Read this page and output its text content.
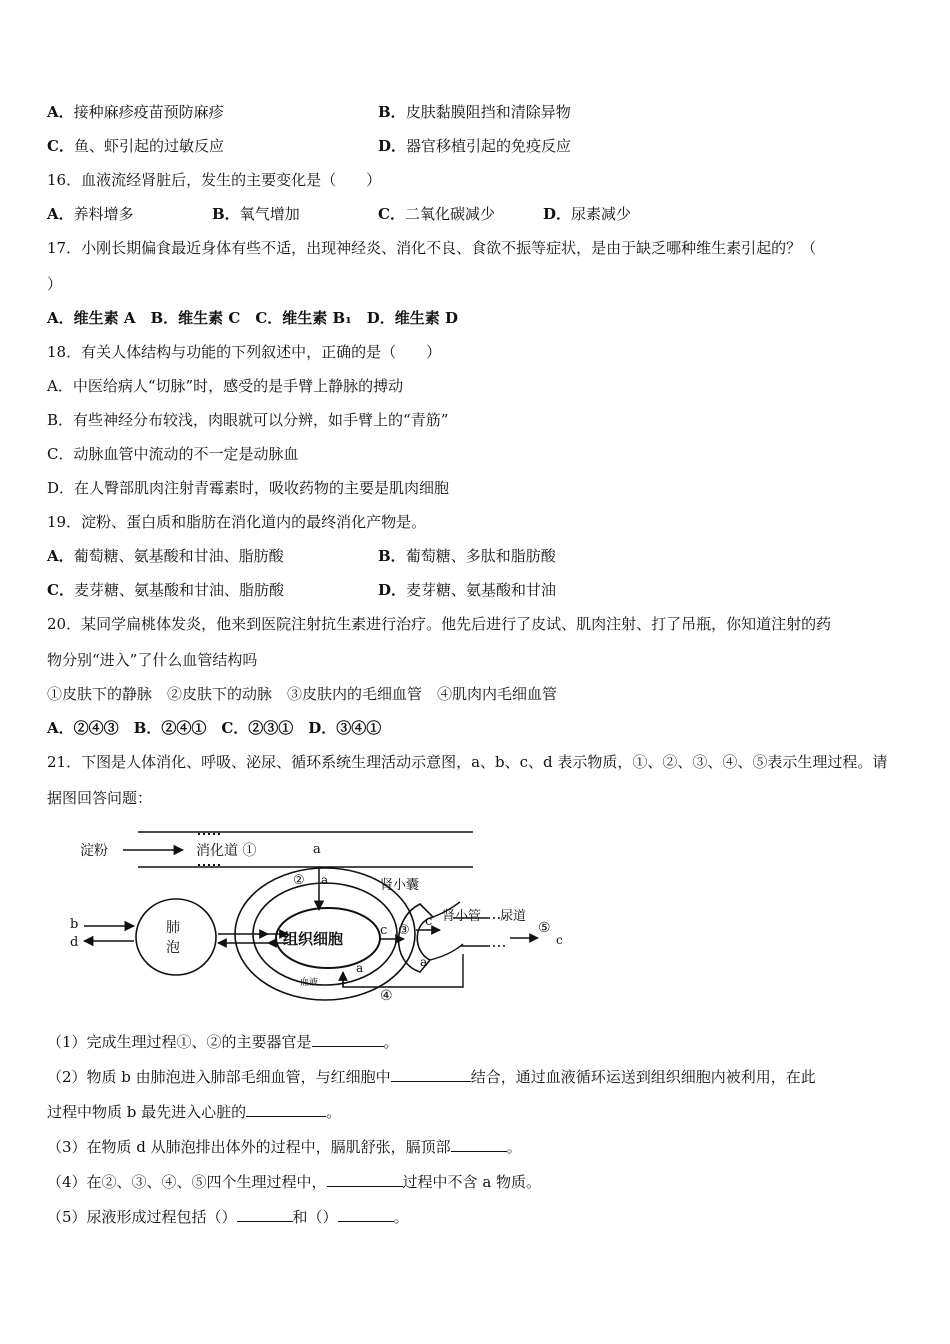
A．接种麻疹疫苗预防麻疹	B．皮肤黏膜阻挡和清除异物
C．鱼、虾引起的过敏反应	D．器官移植引起的免疫反应
16．血液流经肾脏后，发生的主要变化是（　　）
A．养料增多	B．氧气增加	C．二氧化碳减少	D．尿素减少
17．小刚长期偏食最近身体有些不适，出现神经炎、消化不良、食欲不振等症状，是由于缺乏哪种维生素引起的？（
）
A．维生素 A　B．维生素 C　C．维生素 B₁　D．维生素 D
18．有关人体结构与功能的下列叙述中，正确的是（　　）
A．中医给病人“切脉”时，感受的是手臂上静脉的搏动
B．有些神经分布较浅，肉眼就可以分辨，如手臂上的“青筋”
C．动脉血管中流动的不一定是动脉血
D．在人臀部肌肉注射青霉素时，吸收药物的主要是肌肉细胞
19．淀粉、蛋白质和脂肪在消化道内的最终消化产物是。
A．葡萄糖、氨基酸和甘油、脂肪酸	B．葡萄糖、多肽和脂肪酸
C．麦芽糖、氨基酸和甘油、脂肪酸	D．麦芽糖、氨基酸和甘油
20．某同学扁桃体发炎，他来到医院注射抗生素进行治疗。他先后进行了皮试、肌肉注射、打了吊瓶，你知道注射的药
物分别“进入”了什么血管结构吗
①皮肤下的静脉　②皮肤下的动脉　③皮肤内的毛细血管　④肌肉内毛细血管
A．②④③　B．②④①　C．②③①　D．③④①
21．下图是人体消化、呼吸、泌尿、循环系统生理活动示意图，a、b、c、d 表示物质，①、②、③、④、⑤表示生理过程。请
据图回答问题：
淀粉	消化道 ①	a
② a	肾小囊
肺
泡
b
d	组织细胞	c ③
a
c 肾小管 尿道
⑤
c
a
④
血液
（1）完成生理过程①、②的主要器官是	。
（2）物质 b 由肺泡进入肺部毛细血管，与红细胞中	结合，通过血液循环运送到组织细胞内被利用，在此
过程中物质 b 最先进入心脏的	。
（3）在物质 d 从肺泡排出体外的过程中，膈肌舒张，膈顶部	。
（4）在②、③、④、⑤四个生理过程中，	过程中不含 a 物质。
（5）尿液形成过程包括（）	和（）	。
